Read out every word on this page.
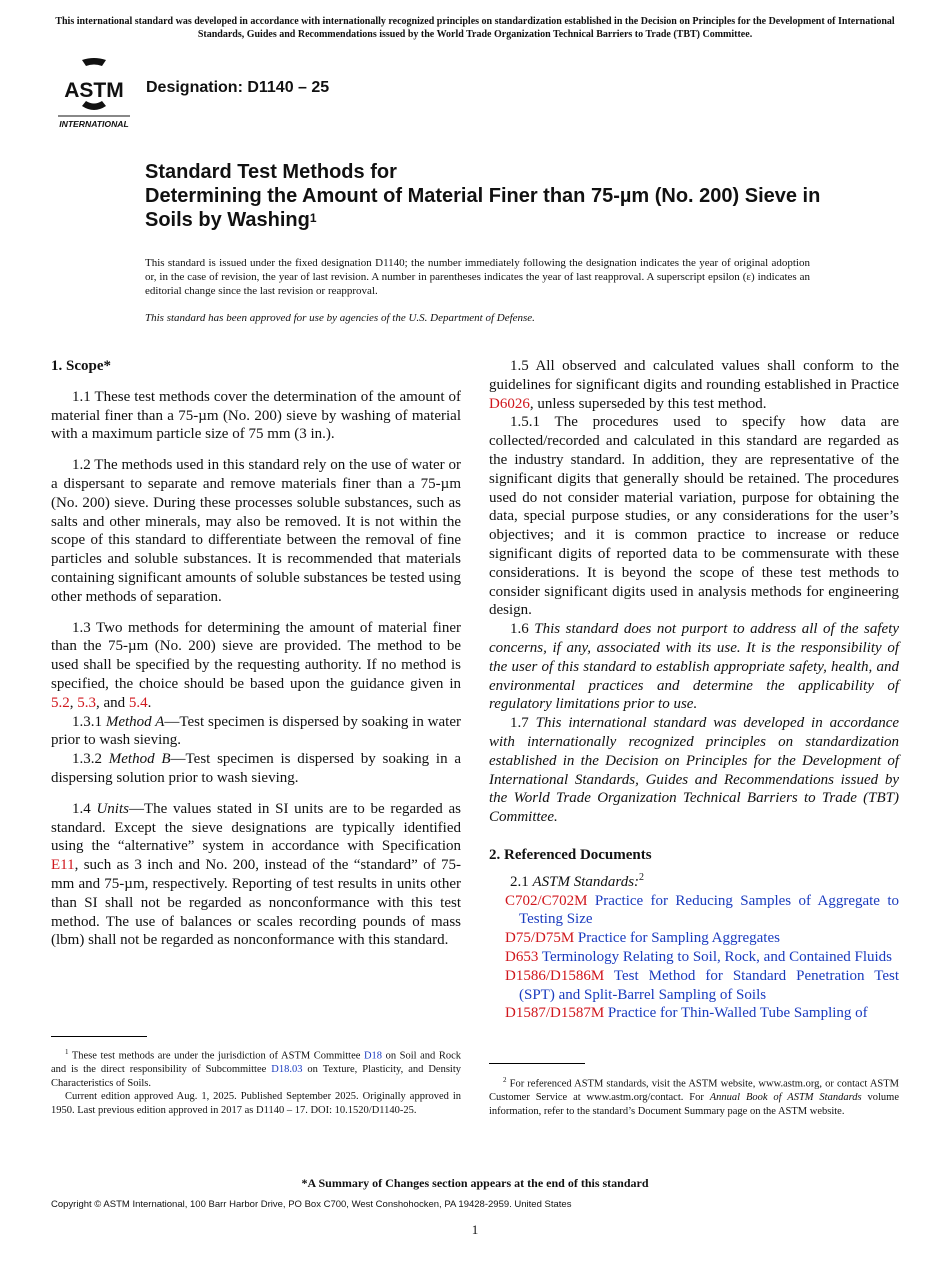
This international standard was developed in accordance with internationally recognized principles on standardization established in the Decision on Principles for the Development of International Standards, Guides and Recommendations issued by the World Trade Organization Technical Barriers to Trade (TBT) Committee.
ASTM
INTERNATIONAL
Designation: D1140 – 25
Standard Test Methods for
Determining the Amount of Material Finer than 75-µm (No. 200) Sieve in Soils by Washing$^1$
This standard is issued under the fixed designation D1140; the number immediately following the designation indicates the year of original adoption or, in the case of revision, the year of last revision. A number in parentheses indicates the year of last reapproval. A superscript epsilon (ε) indicates an editorial change since the last revision or reapproval.
This standard has been approved for use by agencies of the U.S. Department of Defense.

1. Scope*

1.1 These test methods cover the determination of the amount of material finer than a 75-µm (No. 200) sieve by washing of material with a maximum particle size of 75 mm (3 in.).

1.2 The methods used in this standard rely on the use of water or a dispersant to separate and remove materials finer than a 75-µm (No. 200) sieve. During these processes soluble substances, such as salts and other minerals, may also be removed. It is not within the scope of this standard to differentiate between the removal of fine particles and soluble substances. It is recommended that materials containing significant amounts of soluble substances be tested using other methods of separation.

1.3 Two methods for determining the amount of material finer than the 75-µm (No. 200) sieve are provided. The method to be used shall be specified by the requesting authority. If no method is specified, the choice should be based upon the guidance given in 5.2, 5.3, and 5.4.

1.3.1 Method A—Test specimen is dispersed by soaking in water prior to wash sieving.

1.3.2 Method B—Test specimen is dispersed by soaking in a dispersing solution prior to wash sieving.

1.4 Units—The values stated in SI units are to be regarded as standard. Except the sieve designations are typically identified using the “alternative” system in accordance with Specification E11, such as 3 inch and No. 200, instead of the “standard” of 75-mm and 75-µm, respectively. Reporting of test results in units other than SI shall not be regarded as nonconformance with this test method. The use of balances or scales recording pounds of mass (lbm) shall not be regarded as nonconformance with this standard.

1.5 All observed and calculated values shall conform to the guidelines for significant digits and rounding established in Practice D6026, unless superseded by this test method.

1.5.1 The procedures used to specify how data are collected/recorded and calculated in this standard are regarded as the industry standard. In addition, they are representative of the significant digits that generally should be retained. The procedures used do not consider material variation, purpose for obtaining the data, special purpose studies, or any considerations for the user’s objectives; and it is common practice to increase or reduce significant digits of reported data to be commensurate with these considerations. It is beyond the scope of these test methods to consider significant digits used in analysis methods for engineering design.

1.6 This standard does not purport to address all of the safety concerns, if any, associated with its use. It is the responsibility of the user of this standard to establish appropriate safety, health, and environmental practices and determine the applicability of regulatory limitations prior to use.

1.7 This international standard was developed in accordance with internationally recognized principles on standardization established in the Decision on Principles for the Development of International Standards, Guides and Recommendations issued by the World Trade Organization Technical Barriers to Trade (TBT) Committee.

2. Referenced Documents

2.1 ASTM Standards:$^2$

C702/C702M Practice for Reducing Samples of Aggregate to Testing Size

D75/D75M Practice for Sampling Aggregates

D653 Terminology Relating to Soil, Rock, and Contained Fluids

D1586/D1586M Test Method for Standard Penetration Test (SPT) and Split-Barrel Sampling of Soils

D1587/D1587M Practice for Thin-Walled Tube Sampling of

$^1$ These test methods are under the jurisdiction of ASTM Committee D18 on Soil and Rock and is the direct responsibility of Subcommittee D18.03 on Texture, Plasticity, and Density Characteristics of Soils.

Current edition approved Aug. 1, 2025. Published September 2025. Originally approved in 1950. Last previous edition approved in 2017 as D1140 – 17. DOI: 10.1520/D1140-25.

$^2$ For referenced ASTM standards, visit the ASTM website, www.astm.org, or contact ASTM Customer Service at www.astm.org/contact. For Annual Book of ASTM Standards volume information, refer to the standard’s Document Summary page on the ASTM website.

*A Summary of Changes section appears at the end of this standard
Copyright © ASTM International, 100 Barr Harbor Drive, PO Box C700, West Conshohocken, PA 19428-2959. United States
1
